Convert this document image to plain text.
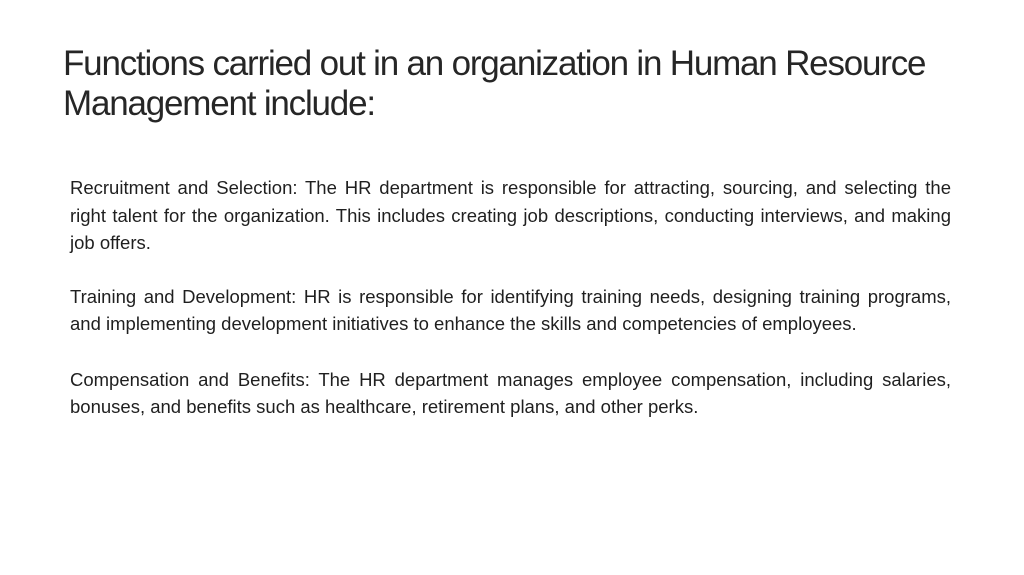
Functions carried out in an organization in Human Resource Management include:

Recruitment and Selection: The HR department is responsible for attracting, sourcing, and selecting the right talent for the organization. This includes creating job descriptions, conducting interviews, and making job offers.

Training and Development: HR is responsible for identifying training needs, designing training programs, and implementing development initiatives to enhance the skills and competencies of employees.

Compensation and Benefits: The HR department manages employee compensation, including salaries, bonuses, and benefits such as healthcare, retirement plans, and other perks.
